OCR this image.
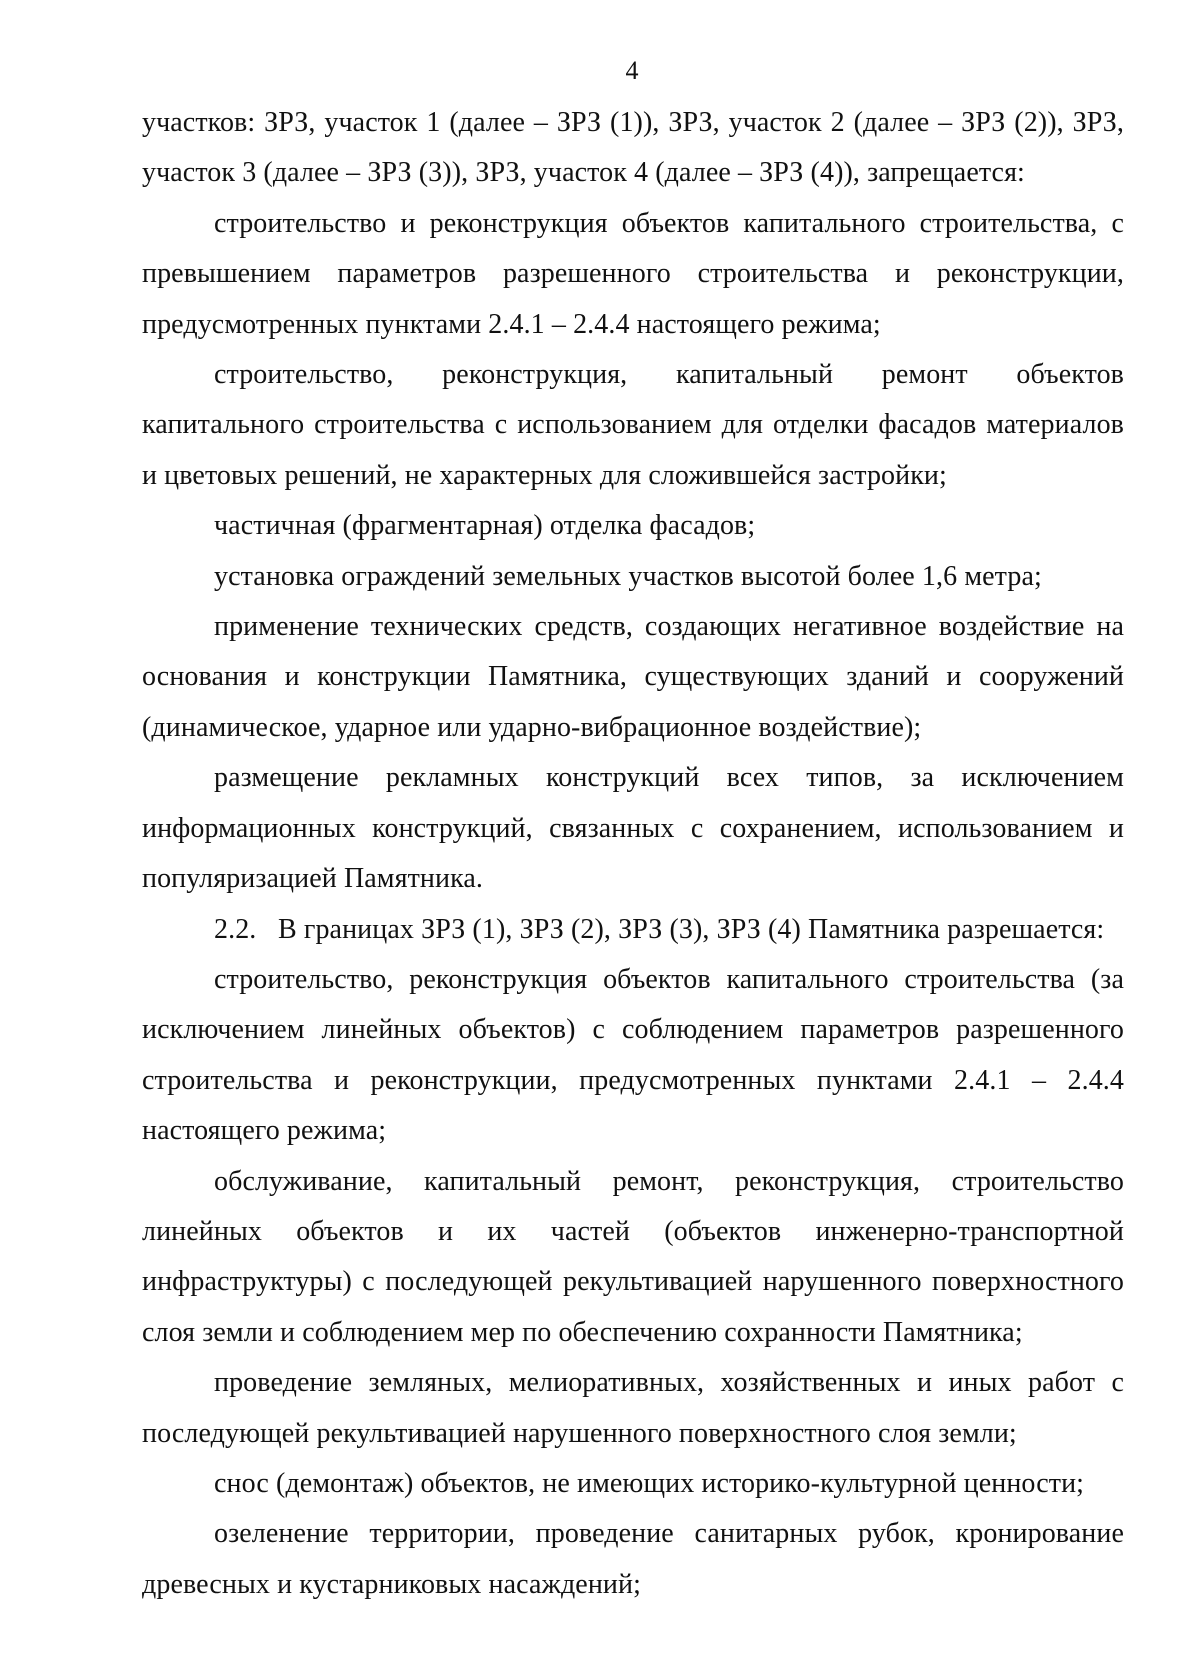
4

участков: ЗРЗ, участок 1 (далее – ЗРЗ (1)), ЗРЗ, участок 2 (далее – ЗРЗ (2)), ЗРЗ, участок 3 (далее – ЗРЗ (3)), ЗРЗ, участок 4 (далее – ЗРЗ (4)), запрещается:

строительство и реконструкция объектов капитального строительства, с превышением параметров разрешенного строительства и реконструкции, предусмотренных пунктами 2.4.1 – 2.4.4 настоящего режима;

строительство, реконструкция, капитальный ремонт объектов капитального строительства с использованием для отделки фасадов материалов и цветовых решений, не характерных для сложившейся застройки;

частичная (фрагментарная) отделка фасадов;

установка ограждений земельных участков высотой более 1,6 метра;

применение технических средств, создающих негативное воздействие на основания и конструкции Памятника, существующих зданий и сооружений (динамическое, ударное или ударно-вибрационное воздействие);

размещение рекламных конструкций всех типов, за исключением информационных конструкций, связанных с сохранением, использованием и популяризацией Памятника.

2.2. В границах ЗРЗ (1), ЗРЗ (2), ЗРЗ (3), ЗРЗ (4) Памятника разрешается:

строительство, реконструкция объектов капитального строительства (за исключением линейных объектов) с соблюдением параметров разрешенного строительства и реконструкции, предусмотренных пунктами 2.4.1 – 2.4.4 настоящего режима;

обслуживание, капитальный ремонт, реконструкция, строительство линейных объектов и их частей (объектов инженерно-транспортной инфраструктуры) с последующей рекультивацией нарушенного поверхностного слоя земли и соблюдением мер по обеспечению сохранности Памятника;

проведение земляных, мелиоративных, хозяйственных и иных работ с последующей рекультивацией нарушенного поверхностного слоя земли;

снос (демонтаж) объектов, не имеющих историко-культурной ценности;

озеленение территории, проведение санитарных рубок, кронирование древесных и кустарниковых насаждений;
